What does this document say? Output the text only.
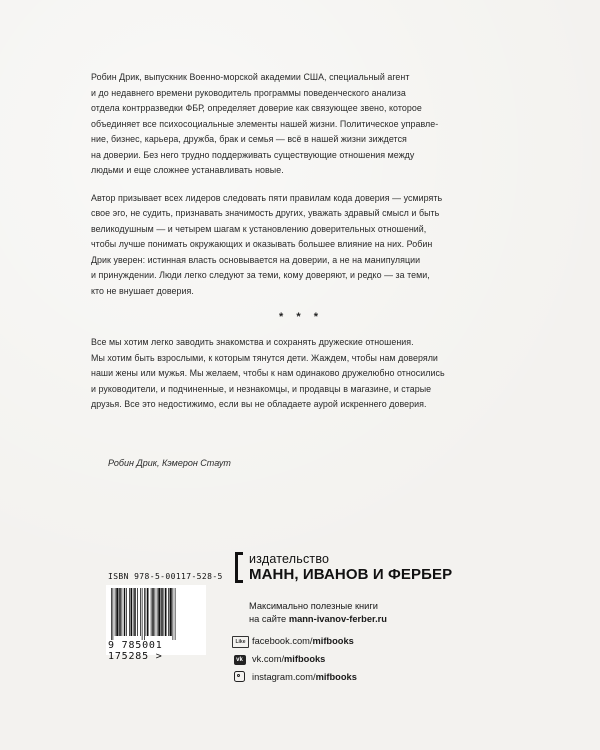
Робин Дрик, выпускник Военно-морской академии США, специальный агент
и до недавнего времени руководитель программы поведенческого анализа
отдела контрразведки ФБР, определяет доверие как связующее звено, которое
объединяет все психосоциальные элементы нашей жизни. Политическое управле-
ние, бизнес, карьера, дружба, брак и семья — всё в нашей жизни зиждется
на доверии. Без него трудно поддерживать существующие отношения между
людьми и еще сложнее устанавливать новые.
Автор призывает всех лидеров следовать пяти правилам кода доверия — усмирять
свое эго, не судить, признавать значимость других, уважать здравый смысл и быть
великодушным — и четырем шагам к установлению доверительных отношений,
чтобы лучше понимать окружающих и оказывать большее влияние на них. Робин
Дрик уверен: истинная власть основывается на доверии, а не на манипуляции
и принуждении. Люди легко следуют за теми, кому доверяют, и редко — за теми,
кто не внушает доверия.
* * *
Все мы хотим легко заводить знакомства и сохранять дружеские отношения.
Мы хотим быть взрослыми, к которым тянутся дети. Жаждем, чтобы нам доверяли
наши жены или мужья. Мы желаем, чтобы к нам одинаково дружелюбно относились
и руководители, и подчиненные, и незнакомцы, и продавцы в магазине, и старые
друзья. Все это недостижимо, если вы не обладаете аурой искреннего доверия.
Робин Дрик, Кэмерон Стаут
ISBN 978-5-00117-528-5
9 785001 175285 >
издательство
МАНН, ИВАНОВ И ФЕРБЕР
Максимально полезные книги
на сайте mann-ivanov-ferber.ru
Like facebook.com/ mifbooks
vk vk.com/ mifbooks
instagram.com/ mifbooks
